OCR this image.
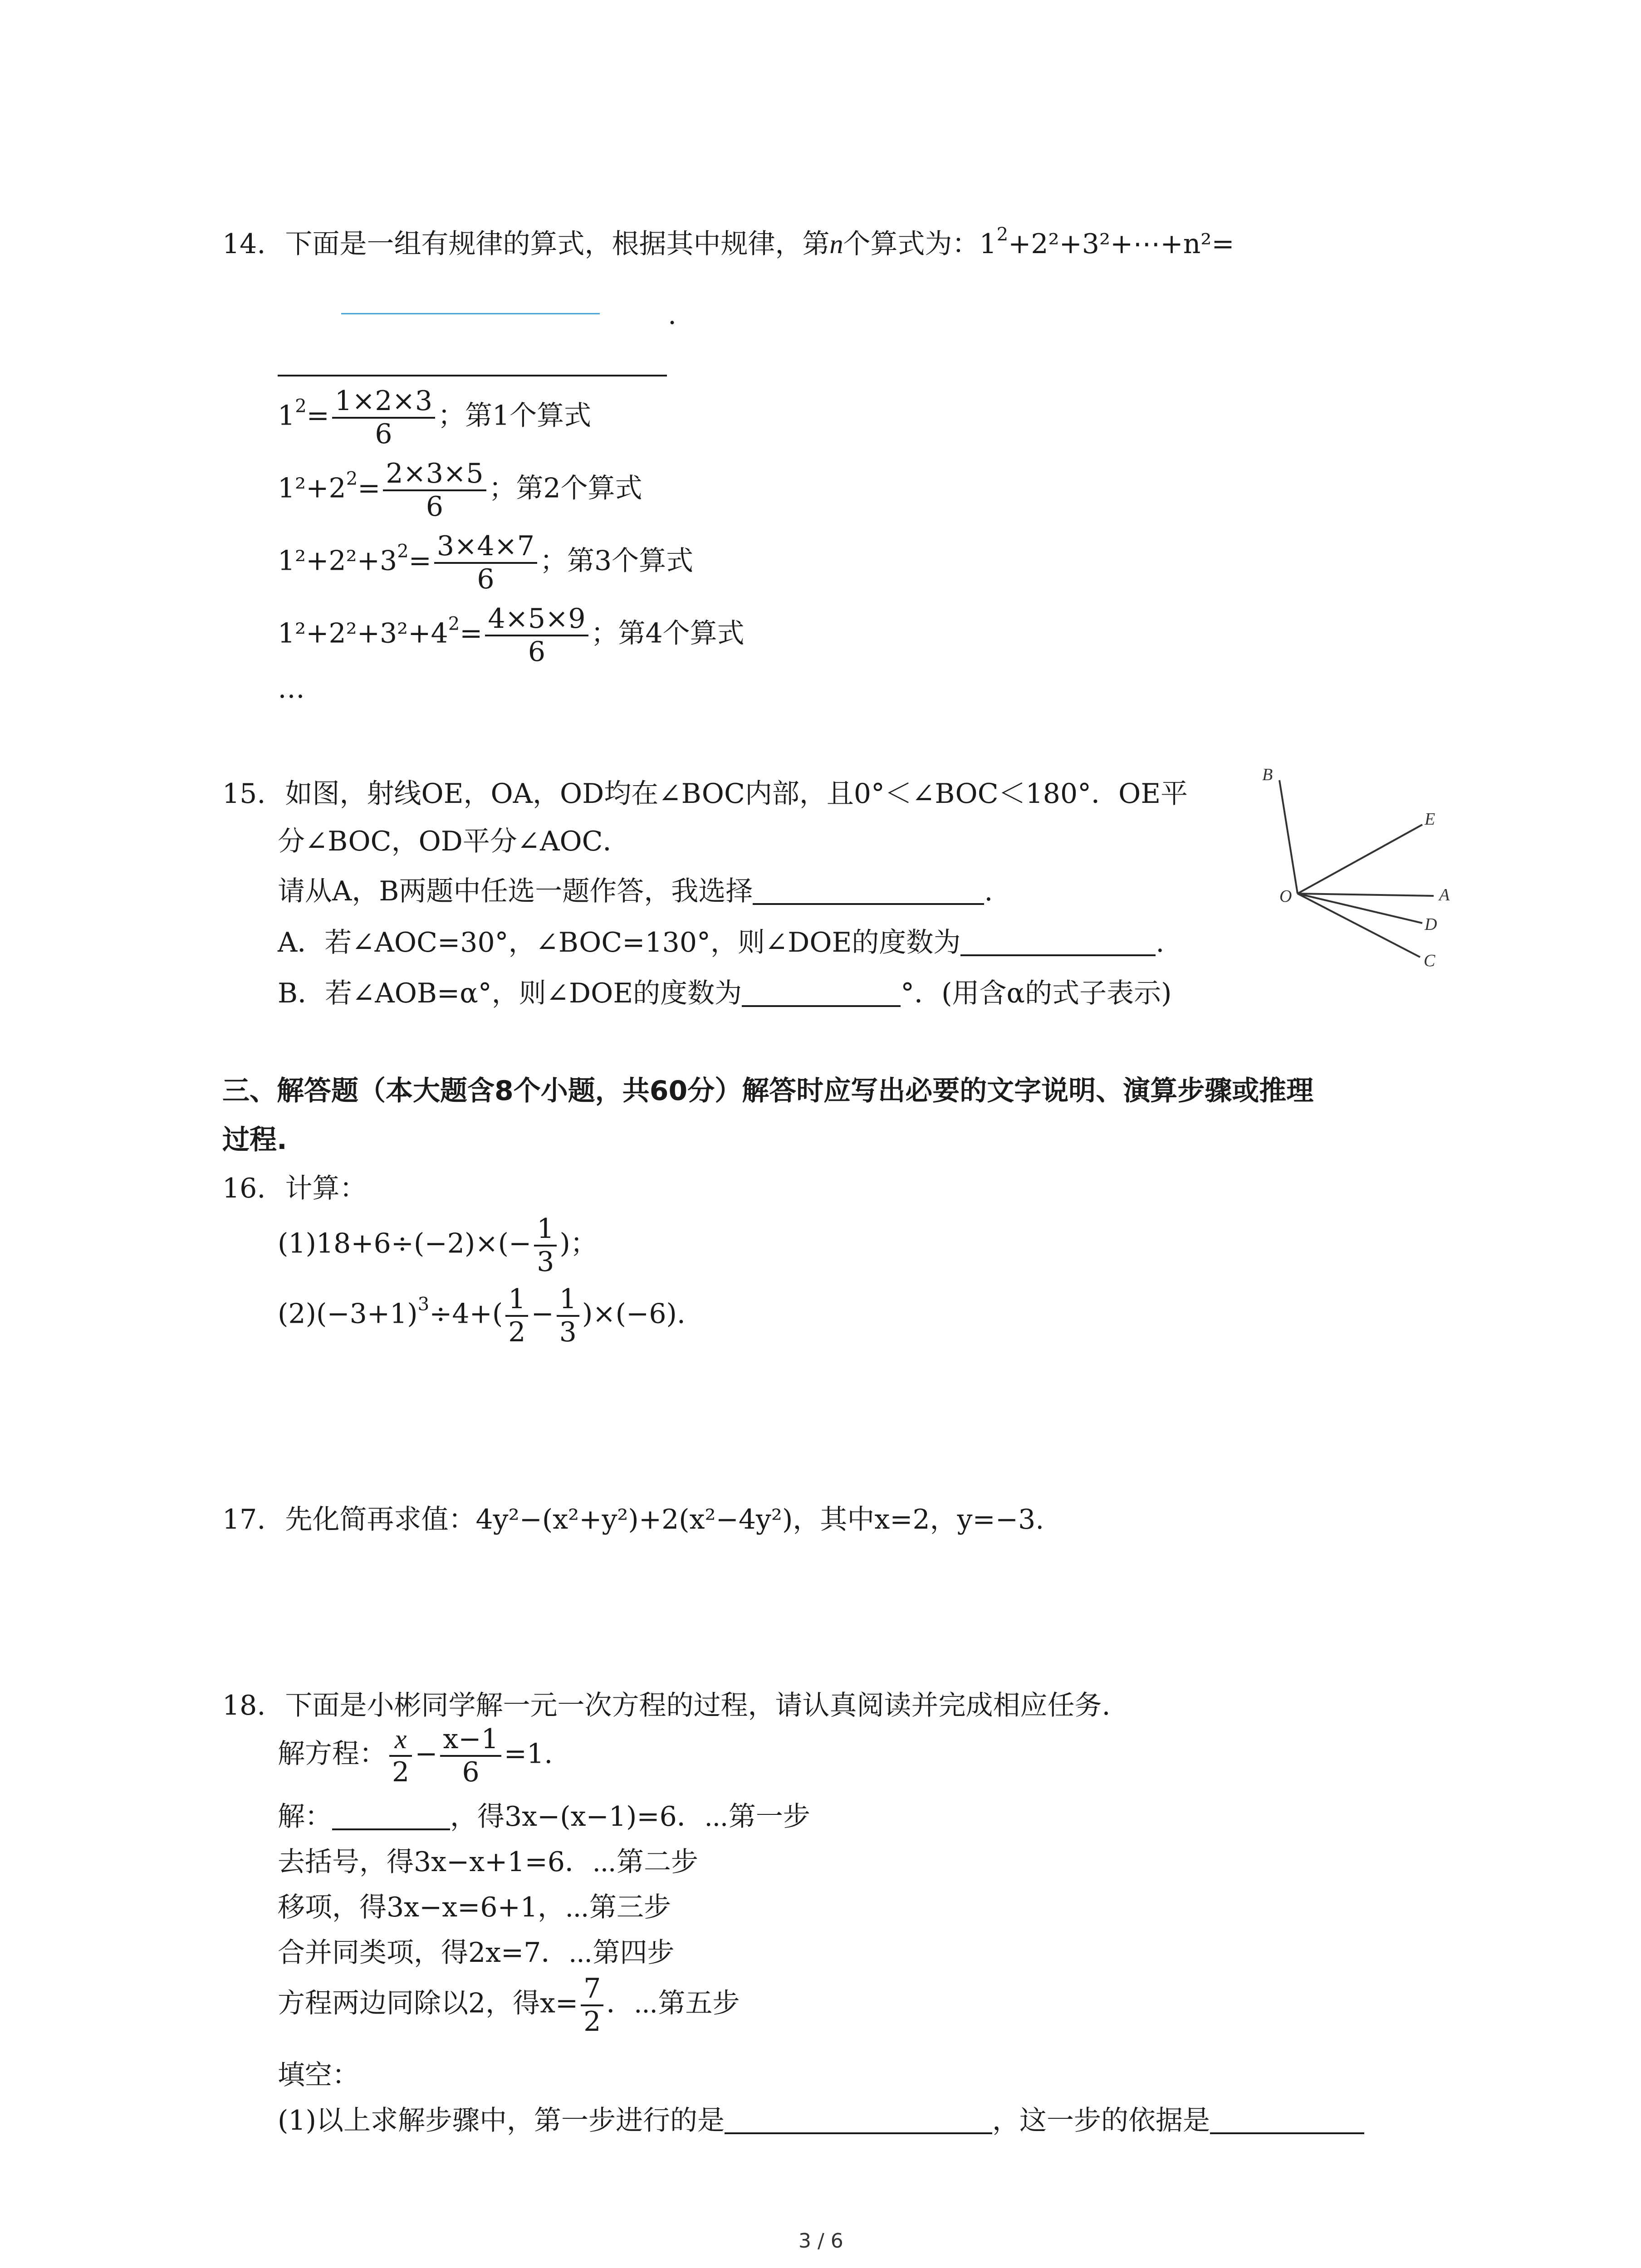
14. 下面是一组有规律的算式，根据其中规律，第n个算式为：$1^2+2^2+3^2+\cdots+n^2=$
.
$1^2= \frac{1\times 2\times 3}{6}$ ；第1个算式
$1^2+2^2= \frac{2\times 3\times 5}{6}$ ；第2个算式
$1^2+2^2+3^2= \frac{3\times 4\times 7}{6}$ ；第3个算式
$1^2+2^2+3^2+4^2= \frac{4\times 5\times 9}{6}$ ；第4个算式
…
15. 如图，射线OE，OA，OD均在∠BOC内部，且0°＜∠BOC＜180°．OE平
分∠BOC，OD平分∠AOC．
请从A，B两题中任选一题作答，我选择	.
A．若∠AOC=30°，∠BOC=130°，则∠DOE的度数为	.
B．若∠AOB=α°，则∠DOE的度数为	°．(用含α的式子表示)
B
E
O	A
D
C
三、解答题（本大题含8个小题，共60分）解答时应写出必要的文字说明、演算步骤或推理
过程.
16. 计算：
$(1)18+6\div(-2)\times(- \frac{1}{3}$ )；
$(2)(-3+1)^3\div 4+( \frac{1}{2} - \frac{1}{3} )\times(-6)$.
17. 先化简再求值：4y²−(x²+y²)+2(x²−4y²)，其中x=2，y=−3.
18. 下面是小彬同学解一元一次方程的过程，请认真阅读并完成相应任务.
解方程： $\frac{x}{2} - \frac{x-1}{6} =1$.
解：	，得3x−(x−1)=6．⋯第一步
去括号，得3x−x+1=6．⋯第二步
移项，得3x−x=6+1，⋯第三步
合并同类项，得2x=7．⋯第四步
方程两边同除以2，得$x= \frac{7}{2}$ ．⋯第五步
填空：
(1)以上求解步骤中，第一步进行的是	，这一步的依据是
3 / 6
